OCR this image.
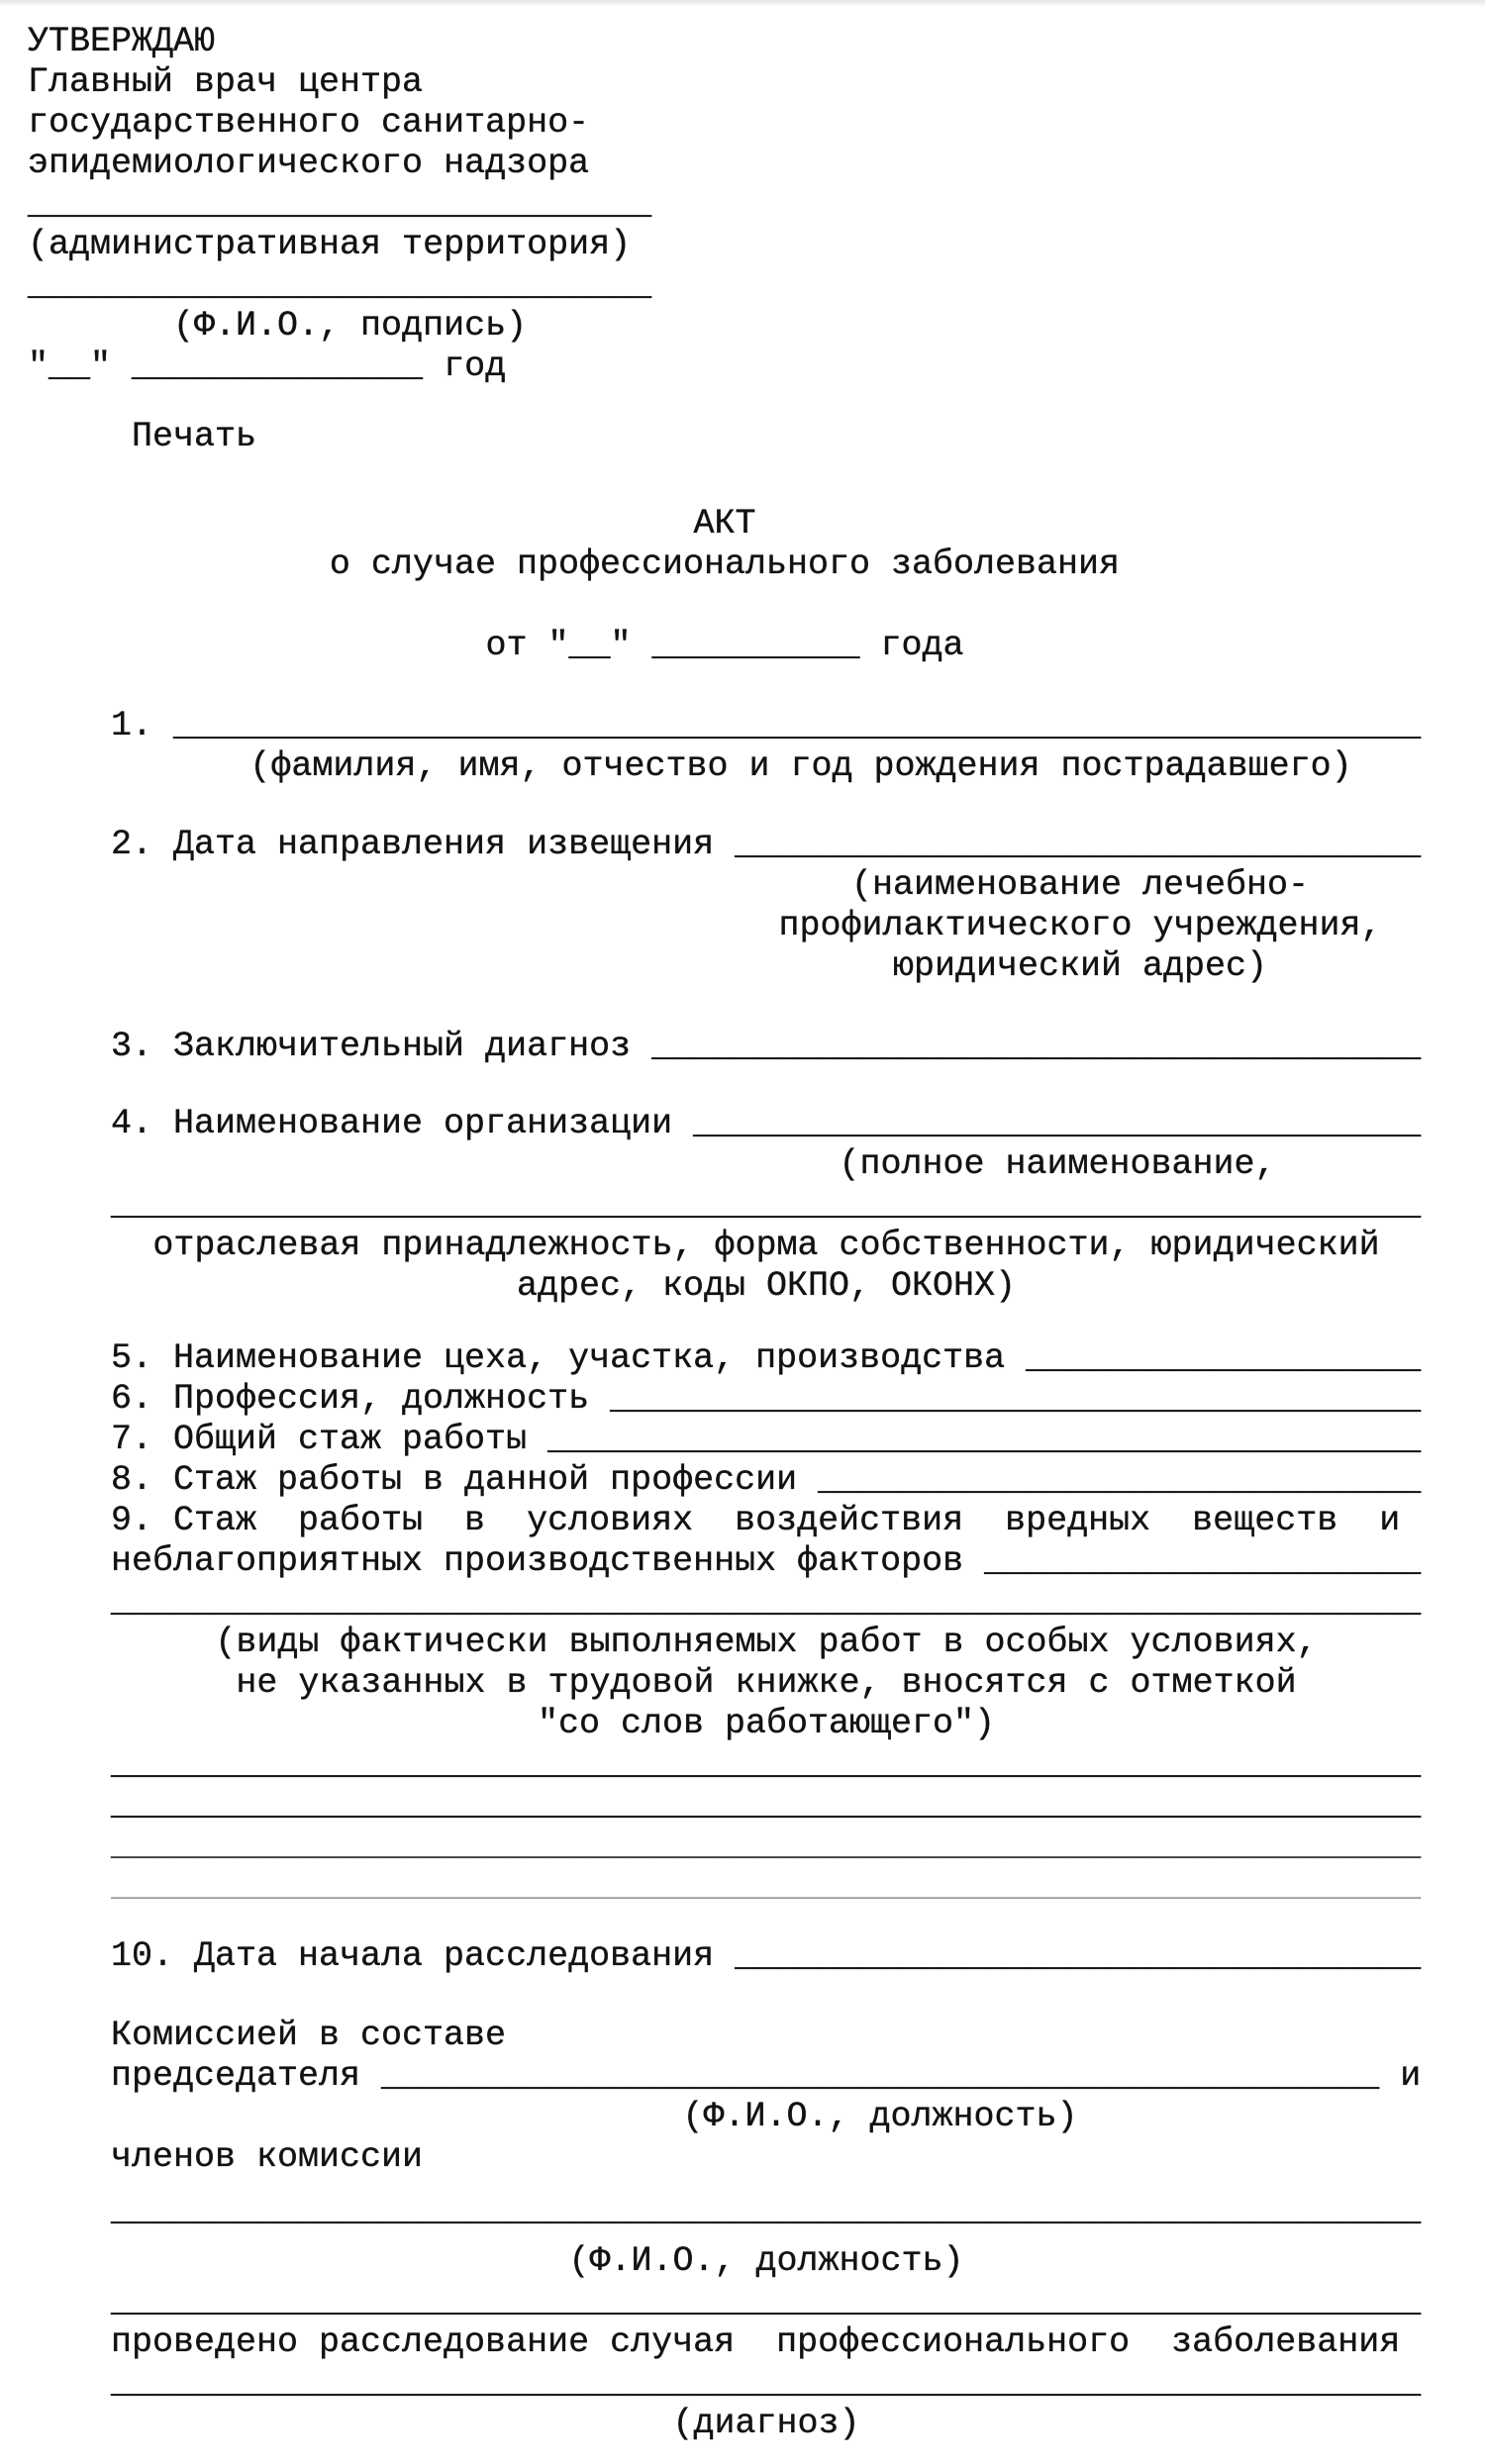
УТВЕРЖДАЮ
Главный врач центра
государственного санитарно-
эпидемиологического надзора
______________________________
(административная территория)
______________________________
(Ф.И.О., подпись)
"__" ______________ год
Печать
АКТ
о случае профессионального заболевания
от "__" __________ года
1. ____________________________________________________________
(фамилия, имя, отчество и год рождения пострадавшего)
2. Дата направления извещения _________________________________
(наименование лечебно-
профилактического учреждения,
юридический адрес)
3. Заключительный диагноз _____________________________________
4. Наименование организации ___________________________________
(полное наименование,
_______________________________________________________________
отраслевая принадлежность, форма собственности, юридический
адрес, коды ОКПО, ОКОНХ)
5. Наименование цеха, участка, производства ___________________
6. Профессия, должность _______________________________________
7. Общий стаж работы __________________________________________
8. Стаж работы в данной профессии _____________________________
9. Стаж  работы  в  условиях  воздействия  вредных  веществ  и
неблагоприятных производственных факторов _____________________
_______________________________________________________________
(виды фактически выполняемых работ в особых условиях,
не указанных в трудовой книжке, вносятся с отметкой
"со слов работающего")
_______________________________________________________________
_______________________________________________________________
_______________________________________________________________
_______________________________________________________________
10. Дата начала расследования _________________________________
Комиссией в составе
председателя ________________________________________________ и
(Ф.И.О., должность)
членов комиссии
_______________________________________________________________
(Ф.И.О., должность)
_______________________________________________________________
проведено расследование случая  профессионального  заболевания
_______________________________________________________________
(диагноз)
